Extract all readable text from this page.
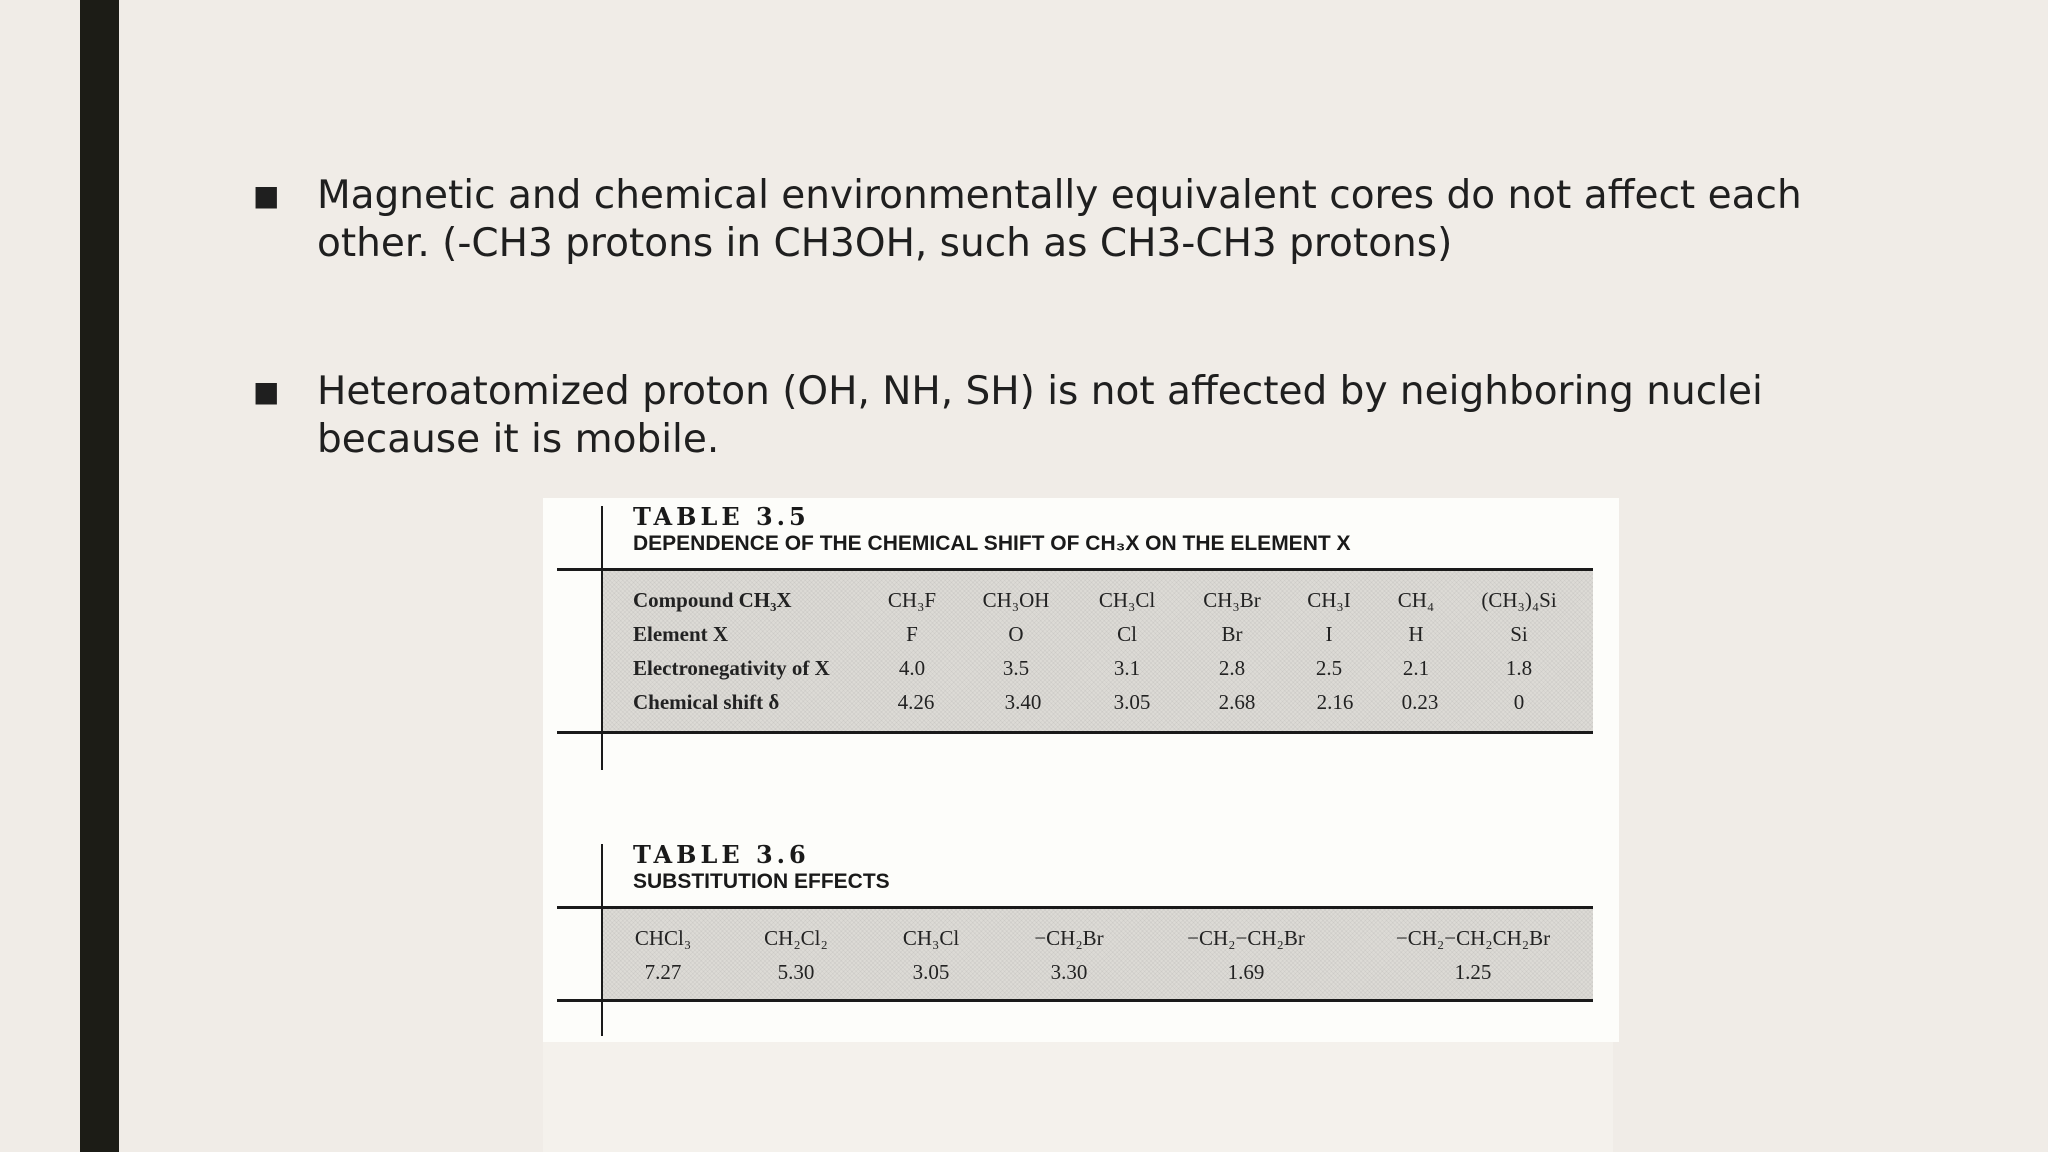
■ Magnetic and chemical environmentally equivalent cores do not affect each other. (-CH3 protons in CH3OH, such as CH3-CH3 protons)
■ Heteroatomized proton (OH, NH, SH) is not affected by neighboring nuclei because it is mobile.
TABLE 3.5
DEPENDENCE OF THE CHEMICAL SHIFT OF CH₃X ON THE ELEMENT X
Compound CH₃X	CH₃F CH₃OH CH₃Cl CH₃Br CH₃I CH₄ (CH₃)₄Si
Element X	F	O	Cl	Br	I	H	Si
Electronegativity of X	4.0	3.5	3.1	2.8	2.5	2.1	1.8
Chemical shift δ	4.26	3.40	3.05	2.68	2.16 0.23	0
TABLE 3.6
SUBSTITUTION EFFECTS
CHCl₃	CH₂Cl₂	CH₃Cl	−CH₂Br	−CH₂−CH₂Br	−CH₂−CH₂CH₂Br
7.27	5.30	3.05	3.30	1.69	1.25
